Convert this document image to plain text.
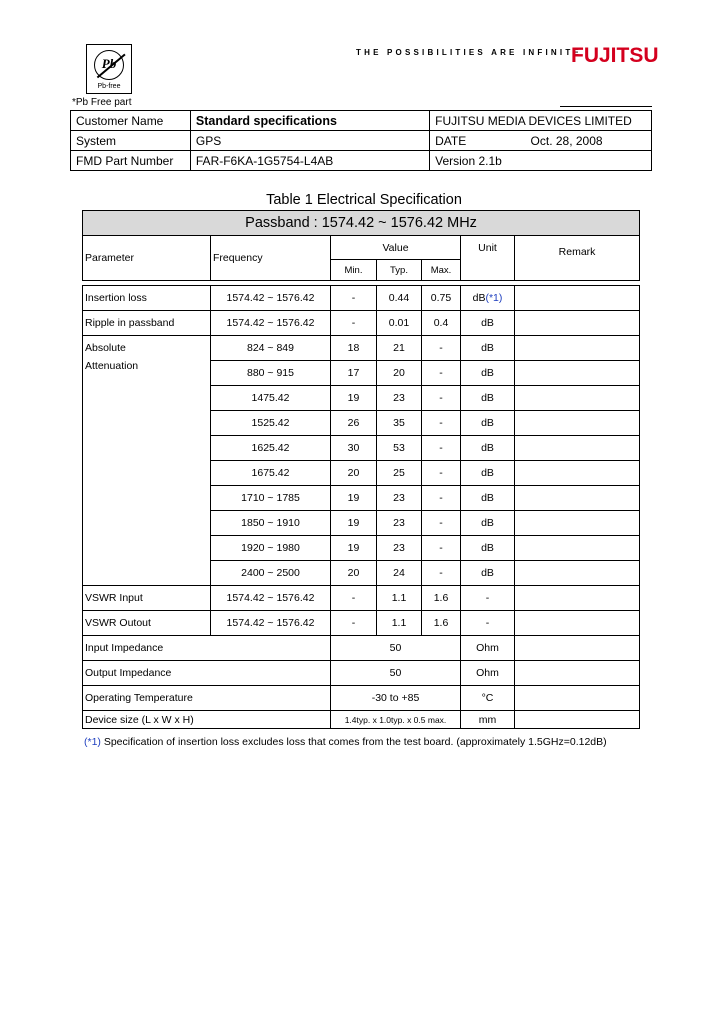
Pb
Pb-free
*Pb Free part
THE POSSIBILITIES ARE INFINITE
FUJITSU
Customer Name	Standard specifications	FUJITSU MEDIA DEVICES LIMITED	
System	GPS	DATE	Oct. 28, 2008
FMD Part Number	FAR-F6KA-1G5754-L4AB	Version 2.1b	
Table 1 Electrical Specification
Passband : 1574.42 ~ 1576.42 MHz						
Parameter	Frequency	Value			Unit	Remark
		Min.	Typ.	Max.		

Insertion loss	1574.42 ~ 1576.42	-	0.44	0.75	dB(*1)	
Ripple in passband	1574.42 ~ 1576.42	-	0.01	0.4	dB	

Absolute
Attenuation	824 ~ 849	18	21	-	dB	
	880 ~ 915	17	20	-	dB	
	1475.42	19	23	-	dB	
	1525.42	26	35	-	dB	
	1625.42	30	53	-	dB	
	1675.42	20	25	-	dB	
	1710 ~ 1785	19	23	-	dB	
	1850 ~ 1910	19	23	-	dB	
	1920 ~ 1980	19	23	-	dB	
	2400 ~ 2500	20	24	-	dB	
VSWR Input	1574.42 ~ 1576.42	-	1.1	1.6	-	
VSWR Outout	1574.42 ~ 1576.42	-	1.1	1.6	-	
Input Impedance		50			Ohm	
Output Impedance		50			Ohm	
Operating Temperature		-30 to +85			°C	
Device size (L x W x H)		1.4typ. x 1.0typ. x 0.5 max.			mm	
(*1) Specification of insertion loss excludes loss that comes from the test board. (approximately 1.5GHz=0.12dB)
